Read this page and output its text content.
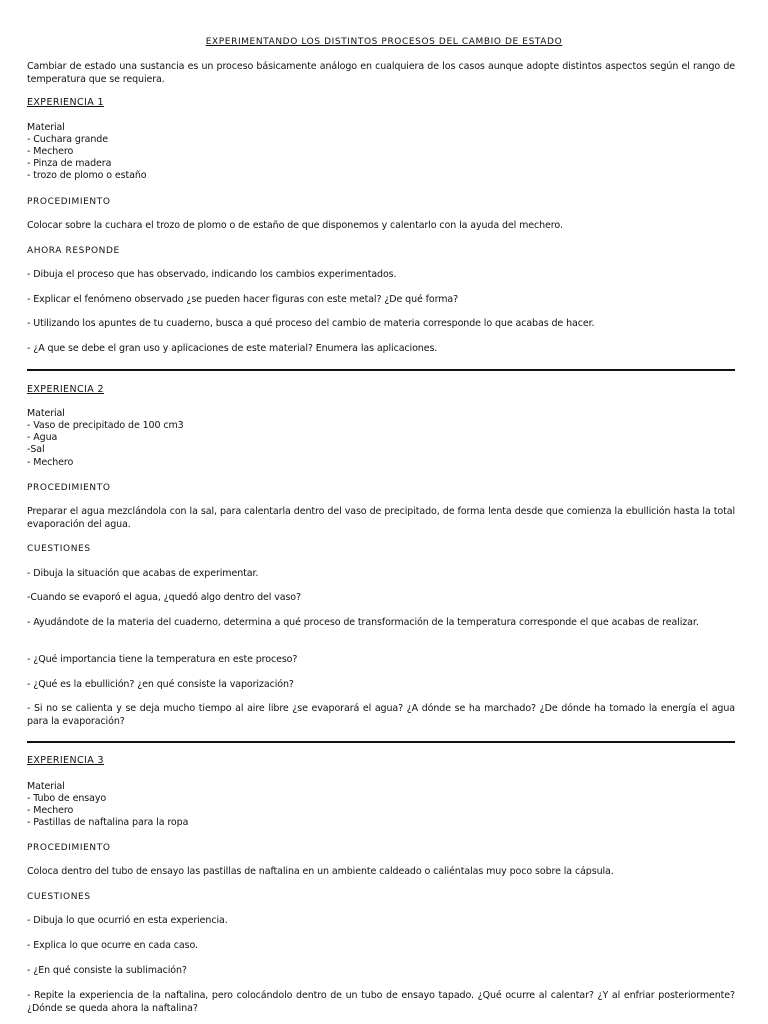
EXPERIMENTANDO LOS DISTINTOS PROCESOS DEL CAMBIO DE ESTADO

Cambiar de estado una sustancia es un proceso básicamente análogo en cualquiera de los casos aunque adopte distintos aspectos según el rango de temperatura que se requiera.

EXPERIENCIA 1

Material

- Cuchara grande

- Mechero

- Pinza de madera

- trozo de plomo o estaño

PROCEDIMIENTO

Colocar sobre la cuchara el trozo de plomo o de estaño de que disponemos y calentarlo con la ayuda del mechero.

AHORA RESPONDE

- Dibuja el proceso que has observado, indicando los cambios experimentados.

- Explicar el fenómeno observado ¿se pueden hacer figuras con este metal? ¿De qué forma?

- Utilizando los apuntes de tu cuaderno, busca a qué proceso del cambio de materia corresponde lo que acabas de hacer.

- ¿A que se debe el gran uso y aplicaciones de este material? Enumera las aplicaciones.

EXPERIENCIA 2

Material

- Vaso de precipitado de 100 cm3

- Agua

-Sal

- Mechero

PROCEDIMIENTO

Preparar el agua mezclándola con la sal, para calentarla dentro del vaso de precipitado, de forma lenta desde que comienza la ebullición hasta la total evaporación del agua.

CUESTIONES

- Dibuja la situación que acabas de experimentar.

-Cuando se evaporó el agua, ¿quedó algo dentro del vaso?

- Ayudándote de la materia del cuaderno, determina a qué proceso de transformación de la temperatura corresponde el que acabas de realizar.

- ¿Qué importancia tiene la temperatura en este proceso?

- ¿Qué es la ebullición? ¿en qué consiste la vaporización?

- Si no se calienta y se deja mucho tiempo al aire libre ¿se evaporará el agua? ¿A dónde se ha marchado? ¿De dónde ha tomado la energía el agua para la evaporación?

EXPERIENCIA 3

Material

- Tubo de ensayo

- Mechero

- Pastillas de naftalina para la ropa

PROCEDIMIENTO

Coloca dentro del tubo de ensayo las pastillas de naftalina en un ambiente caldeado o caliéntalas muy poco sobre la cápsula.

CUESTIONES

- Dibuja lo que ocurrió en esta experiencia.

- Explica lo que ocurre en cada caso.

- ¿En qué consiste la sublimación?

- Repite la experiencia de la naftalina, pero colocándolo dentro de un tubo de ensayo tapado. ¿Qué ocurre al calentar? ¿Y al enfriar posteriormente? ¿Dónde se queda ahora la naftalina?
